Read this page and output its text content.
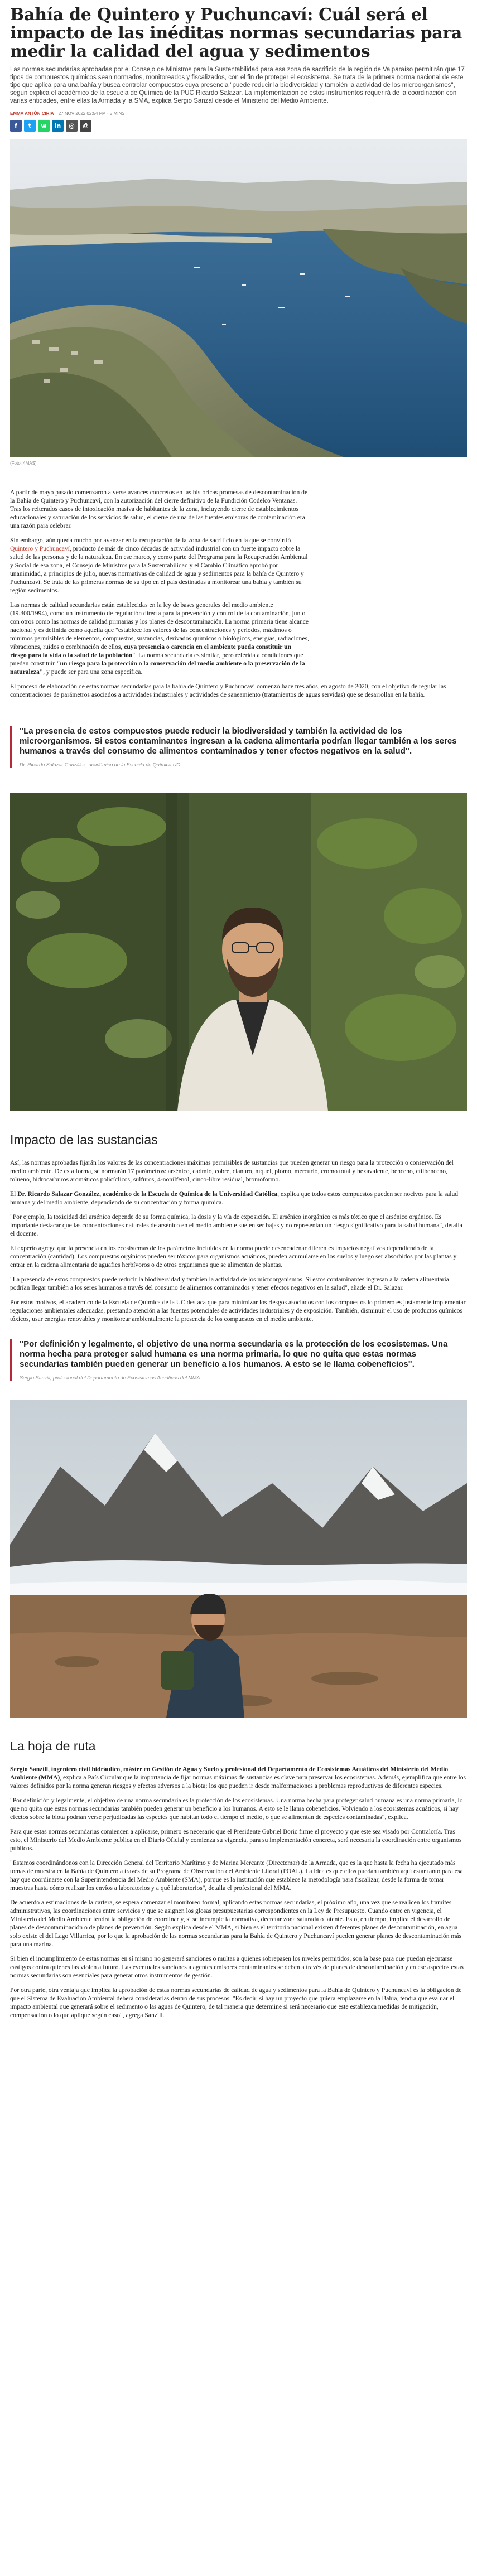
Bahía de Quintero y Puchuncaví: Cuál será el impacto de las inéditas normas secundarias para medir la calidad del agua y sedimentos

Las normas secundarias aprobadas por el Consejo de Ministros para la Sustentabilidad para esa zona de sacrificio de la región de Valparaíso permitirán que 17 tipos de compuestos químicos sean normados, monitoreados y fiscalizados, con el fin de proteger el ecosistema. Se trata de la primera norma nacional de este tipo que aplica para una bahía y busca controlar compuestos cuya presencia "puede reducir la biodiversidad y también la actividad de los microorganismos", según explica el académico de la escuela de Química de la PUC Ricardo Salazar. La implementación de estos instrumentos requerirá de la coordinación con varias entidades, entre ellas la Armada y la SMA, explica Sergio Sanzal desde el Ministerio del Medio Ambiente.

EMMA ANTÓN CIRIA 27 NOV 2022 02:54 PM · 5 MINS
f	t	w	in	@	⎙
(Foto: 4MAS)

A partir de mayo pasado comenzaron a verse avances concretos en las históricas promesas de descontaminación de la Bahía de Quintero y Puchuncaví, con la autorización del cierre definitivo de la Fundición Codelco Ventanas. Tras los reiterados casos de intoxicación masiva de habitantes de la zona, incluyendo cierre de establecimientos educacionales y saturación de los servicios de salud, el cierre de una de las fuentes emisoras de contaminación era una razón para celebrar.

Sin embargo, aún queda mucho por avanzar en la recuperación de la zona de sacrificio en la que se convirtió Quintero y Puchuncaví, producto de más de cinco décadas de actividad industrial con un fuerte impacto sobre la salud de las personas y de la naturaleza. En ese marco, y como parte del Programa para la Recuperación Ambiental y Social de esa zona, el Consejo de Ministros para la Sustentabilidad y el Cambio Climático aprobó por unanimidad, a principios de julio, nuevas normativas de calidad de agua y sedimentos para la bahía de Quintero y Puchuncaví. Se trata de las primeras normas de su tipo en el país destinadas a monitorear una bahía y también su región sedimentos.

Las normas de calidad secundarias están establecidas en la ley de bases generales del medio ambiente (19.300/1994), como un instrumento de regulación directa para la prevención y control de la contaminación, junto con otros como las normas de calidad primarias y los planes de descontaminación. La norma primaria tiene alcance nacional y es definida como aquella que "establece los valores de las concentraciones y periodos, máximos o mínimos permisibles de elementos, compuestos, sustancias, derivados químicos o biológicos, energías, radiaciones, vibraciones, ruidos o combinación de ellos, cuya presencia o carencia en el ambiente pueda constituir un riesgo para la vida o la salud de la población". La norma secundaria es similar, pero referida a condiciones que puedan constituir "un riesgo para la protección o la conservación del medio ambiente o la preservación de la naturaleza", y puede ser para una zona específica.

El proceso de elaboración de estas normas secundarias para la bahía de Quintero y Puchuncaví comenzó hace tres años, en agosto de 2020, con el objetivo de regular las concentraciones de parámetros asociados a actividades industriales y actividades de saneamiento (tratamientos de aguas servidas) que se desarrollan en la bahía.

"La presencia de estos compuestos puede reducir la biodiversidad y también la actividad de los microorganismos. Si estos contaminantes ingresan a la cadena alimentaria podrían llegar también a los seres humanos a través del consumo de alimentos contaminados y tener efectos negativos en la salud".

Dr. Ricardo Salazar González, académico de la Escuela de Química UC
Impacto de las sustancias

Así, las normas aprobadas fijarán los valores de las concentraciones máximas permisibles de sustancias que pueden generar un riesgo para la protección o conservación del medio ambiente. De esta forma, se normarán 17 parámetros: arsénico, cadmio, cobre, cianuro, níquel, plomo, mercurio, cromo total y hexavalente, benceno, etilbenceno, tolueno, hidrocarburos aromáticos policíclicos, sulfuros, 4-nonilfenol, cinco-libre residual, bromoformo.

El Dr. Ricardo Salazar González, académico de la Escuela de Química de la Universidad Católica, explica que todos estos compuestos pueden ser nocivos para la salud humana y del medio ambiente, dependiendo de su concentración y forma química.

"Por ejemplo, la toxicidad del arsénico depende de su forma química, la dosis y la vía de exposición. El arsénico inorgánico es más tóxico que el arsénico orgánico. Es importante destacar que las concentraciones naturales de arsénico en el medio ambiente suelen ser bajas y no representan un riesgo significativo para la salud humana", detalla el docente.

El experto agrega que la presencia en los ecosistemas de los parámetros incluidos en la norma puede desencadenar diferentes impactos negativos dependiendo de la concentración (cantidad). Los compuestos orgánicos pueden ser tóxicos para organismos acuáticos, pueden acumularse en los suelos y luego ser absorbidos por las plantas y entrar en la cadena alimentaria de aguafies herbívoros o de otros organismos que se alimentan de plantas.

"La presencia de estos compuestos puede reducir la biodiversidad y también la actividad de los microorganismos. Si estos contaminantes ingresan a la cadena alimentaria podrían llegar también a los seres humanos a través del consumo de alimentos contaminados y tener efectos negativos en la salud", añade el Dr. Salazar.

Por estos motivos, el académico de la Escuela de Química de la UC destaca que para minimizar los riesgos asociados con los compuestos lo primero es justamente implementar regulaciones ambientales adecuadas, prestando atención a las fuentes potenciales de actividades industriales y de exposición. También, disminuir el uso de productos químicos tóxicos, usar energías renovables y monitorear ambientalmente la presencia de los compuestos en el medio ambiente.

"Por definición y legalmente, el objetivo de una norma secundaria es la protección de los ecosistemas. Una norma hecha para proteger salud humana es una norma primaria, lo que no quita que estas normas secundarias también pueden generar un beneficio a los humanos. A esto se le llama cobeneficios".

Sergio Sanzill, profesional del Departamento de Ecosistemas Acuáticos del MMA.
La hoja de ruta

Sergio Sanzill, ingeniero civil hidráulico, máster en Gestión de Agua y Suelo y profesional del Departamento de Ecosistemas Acuáticos del Ministerio del Medio Ambiente (MMA), explica a País Circular que la importancia de fijar normas máximas de sustancias es clave para preservar los ecosistemas. Además, ejemplifica que entre los valores definidos por la norma generan riesgos y efectos adversos a la biota; los que pueden ir desde malformaciones a problemas reproductivos de diferentes especies.

"Por definición y legalmente, el objetivo de una norma secundaria es la protección de los ecosistemas. Una norma hecha para proteger salud humana es una norma primaria, lo que no quita que estas normas secundarias también pueden generar un beneficio a los humanos. A esto se le llama cobeneficios. Volviendo a los ecosistemas acuáticos, si hay efectos sobre la biota podrían verse perjudicadas las especies que habitan todo el tiempo el medio, o que se alimentan de especies contaminadas", explica.

Para que estas normas secundarias comiencen a aplicarse, primero es necesario que el Presidente Gabriel Boric firme el proyecto y que este sea visado por Contraloría. Tras esto, el Ministerio del Medio Ambiente publica en el Diario Oficial y comienza su vigencia, para su implementación concreta, será necesaria la coordinación entre organismos públicos.

"Estamos coordinándonos con la Dirección General del Territorio Marítimo y de Marina Mercante (Directemar) de la Armada, que es la que hasta la fecha ha ejecutado más tomas de muestra en la Bahía de Quintero a través de su Programa de Observación del Ambiente Litoral (POAL). La idea es que ellos puedan también aquí estar tanto para esa hay que coordinarse con la Superintendencia del Medio Ambiente (SMA), porque es la institución que establece la metodología para fiscalizar, desde la forma de tomar muestras hasta cómo realizar los envíos a laboratorios y a qué laboratorios", detalla el profesional del MMA.

De acuerdo a estimaciones de la cartera, se espera comenzar el monitoreo formal, aplicando estas normas secundarias, el próximo año, una vez que se realicen los trámites administrativos, las coordinaciones entre servicios y que se asignen los glosas presupuestarias correspondientes en la Ley de Presupuesto. Cuando entre en vigencia, el Ministerio del Medio Ambiente tendrá la obligación de coordinar y, si se incumple la normativa, decretar zona saturada o latente. Esto, en tiempo, implica el desarrollo de planes de descontaminación o de planes de prevención. Según explica desde el MMA, si bien es el territorio nacional existen diferentes planes de descontaminación, en agua solo existe el del Lago Villarrica, por lo que la aprobación de las normas secundarias para la Bahía de Quintero y Puchuncaví pueden generar planes de descontaminación más para una marina.

Si bien el incumplimiento de estas normas en sí mismo no generará sanciones o multas a quienes sobrepasen los niveles permitidos, son la base para que puedan ejecutarse castigos contra quienes las violen a futuro. Las eventuales sanciones a agentes emisores contaminantes se deben a través de planes de descontaminación y en ese aspectos estas normas secundarias son esenciales para generar otros instrumentos de gestión.

Por otra parte, otra ventaja que implica la aprobación de estas normas secundarias de calidad de agua y sedimentos para la Bahía de Quintero y Puchuncaví es la obligación de que el Sistema de Evaluación Ambiental deberá considerarlas dentro de sus procesos. "Es decir, si hay un proyecto que quiera emplazarse en la Bahía, tendrá que evaluar el impacto ambiental que generará sobre el sedimento o las aguas de Quintero, de tal manera que determine si será necesario que este establezca medidas de mitigación, compensación o lo que aplique según caso", agrega Sanzill.
